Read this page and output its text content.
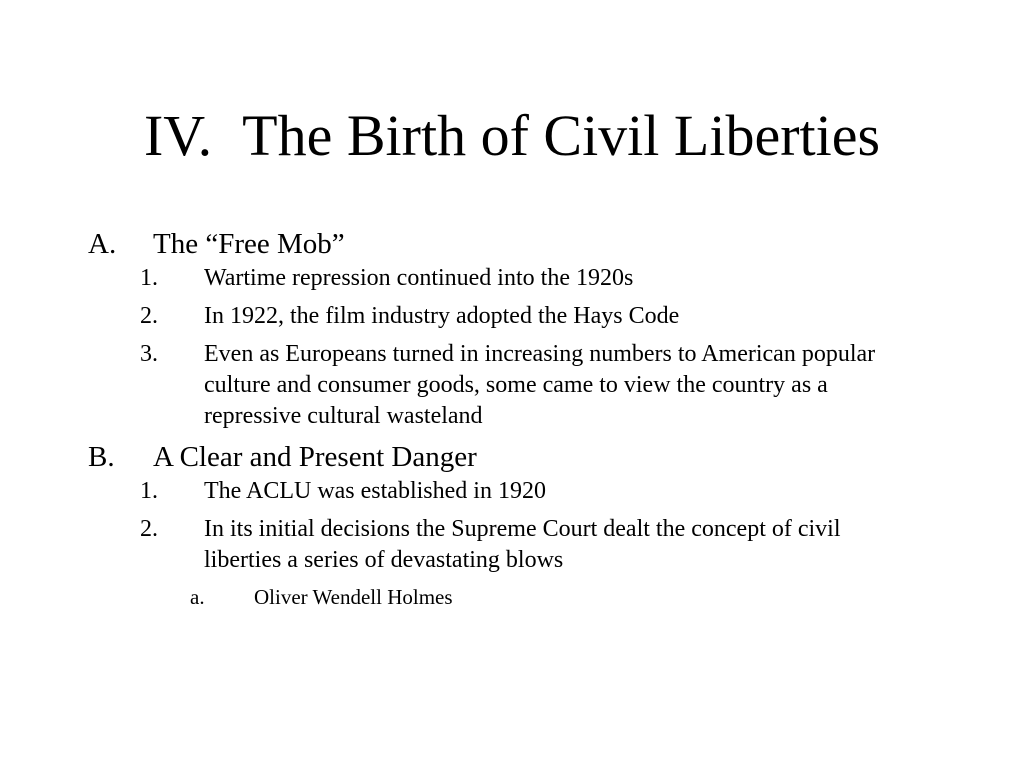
IV. The Birth of Civil Liberties
A. The “Free Mob”
1. Wartime repression continued into the 1920s
2. In 1922, the film industry adopted the Hays Code
3. Even as Europeans turned in increasing numbers to American popular culture and consumer goods, some came to view the country as a repressive cultural wasteland
B. A Clear and Present Danger
1. The ACLU was established in 1920
2. In its initial decisions the Supreme Court dealt the concept of civil liberties a series of devastating blows
a. Oliver Wendell Holmes
